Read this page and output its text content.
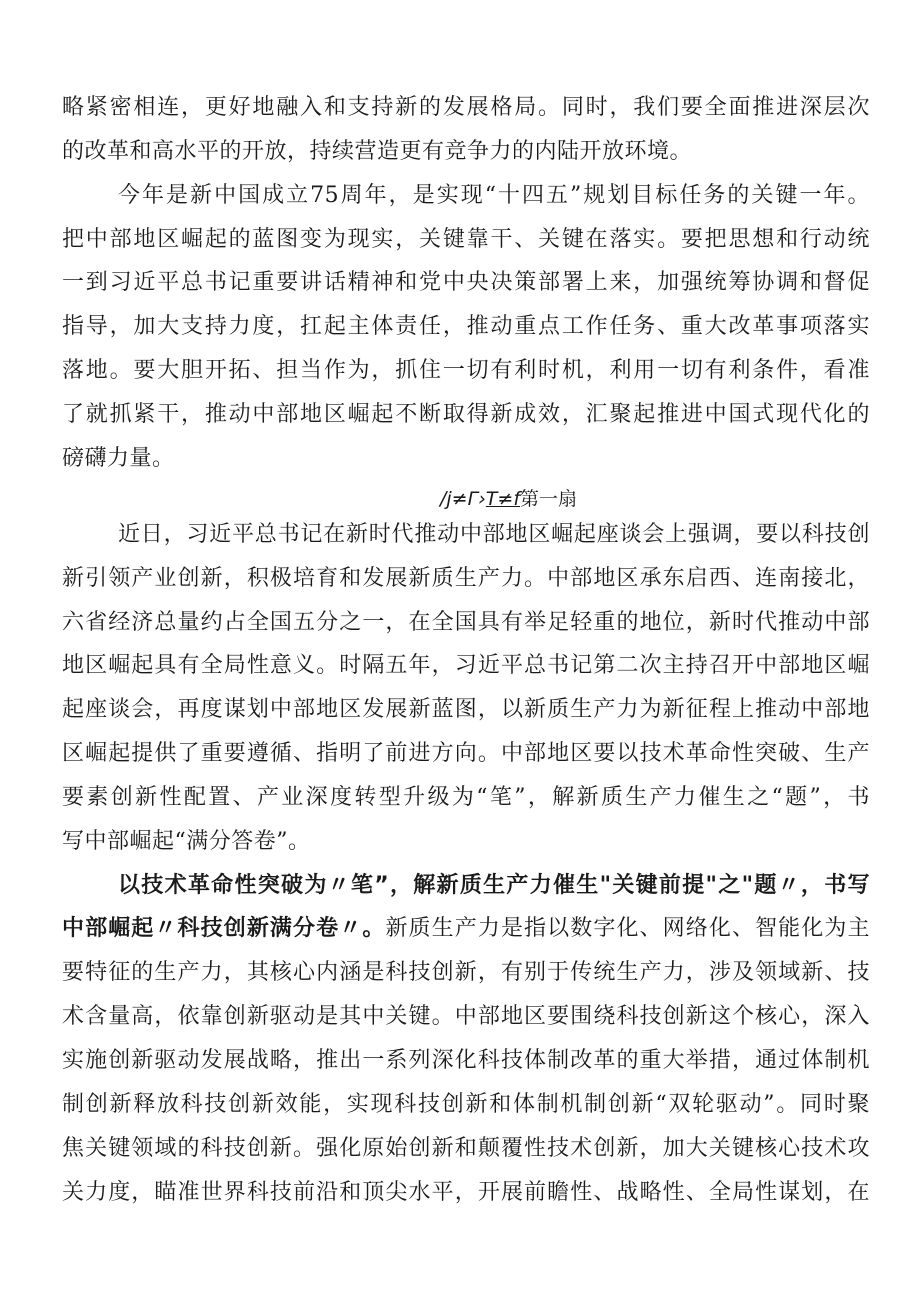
略紧密相连，更好地融入和支持新的发展格局。同时，我们要全面推进深层次
的改革和高水平的开放，持续营造更有竞争力的内陆开放环境。
今年是新中国成立75周年，是实现“十四五”规划目标任务的关键一年。
把中部地区崛起的蓝图变为现实，关键靠干、关键在落实。要把思想和行动统
一到习近平总书记重要讲话精神和党中央决策部署上来，加强统筹协调和督促
指导，加大支持力度，扛起主体责任，推动重点工作任务、重大改革事项落实
落地。要大胆开拓、担当作为，抓住一切有利时机，利用一切有利条件，看准
了就抓紧干，推动中部地区崛起不断取得新成效，汇聚起推进中国式现代化的
磅礴力量。
∕j≠Γ›T≠f第一扇
近日，习近平总书记在新时代推动中部地区崛起座谈会上强调，要以科技创
新引领产业创新，积极培育和发展新质生产力。中部地区承东启西、连南接北，
六省经济总量约占全国五分之一，在全国具有举足轻重的地位，新时代推动中部
地区崛起具有全局性意义。时隔五年，习近平总书记第二次主持召开中部地区崛
起座谈会，再度谋划中部地区发展新蓝图，以新质生产力为新征程上推动中部地
区崛起提供了重要遵循、指明了前进方向。中部地区要以技术革命性突破、生产
要素创新性配置、产业深度转型升级为“笔”，解新质生产力催生之“题”，书
写中部崛起“满分答卷”。
以技术革命性突破为〃笔”，解新质生产力催生"关键前提"之"题〃，书写
中部崛起〃科技创新满分卷〃。新质生产力是指以数字化、网络化、智能化为主
要特征的生产力，其核心内涵是科技创新，有别于传统生产力，涉及领域新、技
术含量高，依靠创新驱动是其中关键。中部地区要围绕科技创新这个核心，深入
实施创新驱动发展战略，推出一系列深化科技体制改革的重大举措，通过体制机
制创新释放科技创新效能，实现科技创新和体制机制创新“双轮驱动”。同时聚
焦关键领域的科技创新。强化原始创新和颠覆性技术创新，加大关键核心技术攻
关力度，瞄准世界科技前沿和顶尖水平，开展前瞻性、战略性、全局性谋划，在
